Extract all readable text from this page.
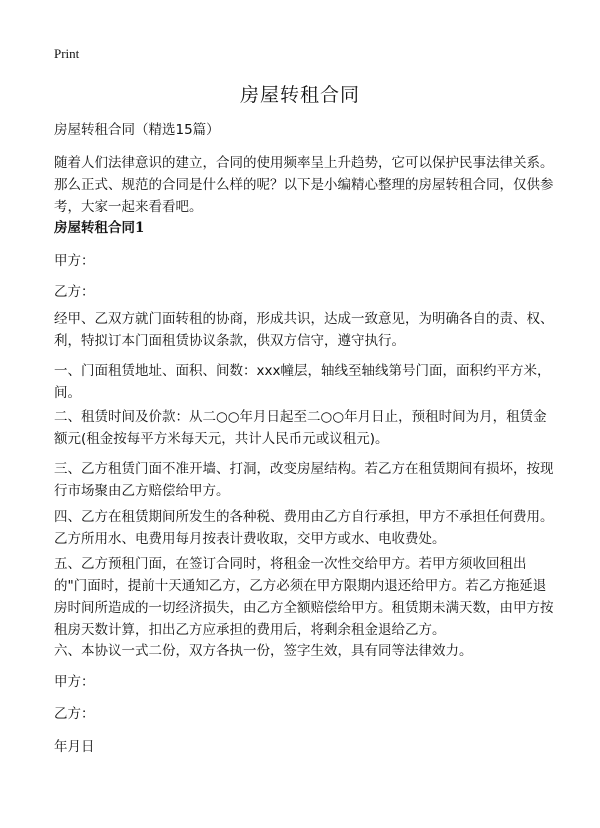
Print
房屋转租合同
房屋转租合同（精选15篇）
随着人们法律意识的建立，合同的使用频率呈上升趋势，它可以保护民事法律关系。那么正式、规范的合同是什么样的呢？以下是小编精心整理的房屋转租合同，仅供参考，大家一起来看看吧。
房屋转租合同1
甲方：
乙方：
经甲、乙双方就门面转租的协商，形成共识，达成一致意见，为明确各自的责、权、利，特拟订本门面租赁协议条款，供双方信守，遵守执行。
一、门面租赁地址、面积、间数：xxx幢层，轴线至轴线第号门面，面积约平方米，间。
二、租赁时间及价款：从二○○年月日起至二○○年月日止，预租时间为月，租赁金额元(租金按每平方米每天元，共计人民币元或议租元)。
三、乙方租赁门面不准开墙、打洞，改变房屋结构。若乙方在租赁期间有损坏，按现行市场聚由乙方赔偿给甲方。
四、乙方在租赁期间所发生的各种税、费用由乙方自行承担，甲方不承担任何费用。乙方所用水、电费用每月按表计费收取，交甲方或水、电收费处。
五、乙方预租门面，在签订合同时，将租金一次性交给甲方。若甲方须收回租出的"门面时，提前十天通知乙方，乙方必须在甲方限期内退还给甲方。若乙方拖延退房时间所造成的一切经济损失，由乙方全额赔偿给甲方。租赁期未满天数，由甲方按租房天数计算，扣出乙方应承担的费用后，将剩余租金退给乙方。
六、本协议一式二份，双方各执一份，签字生效，具有同等法律效力。
甲方：
乙方：
年月日
